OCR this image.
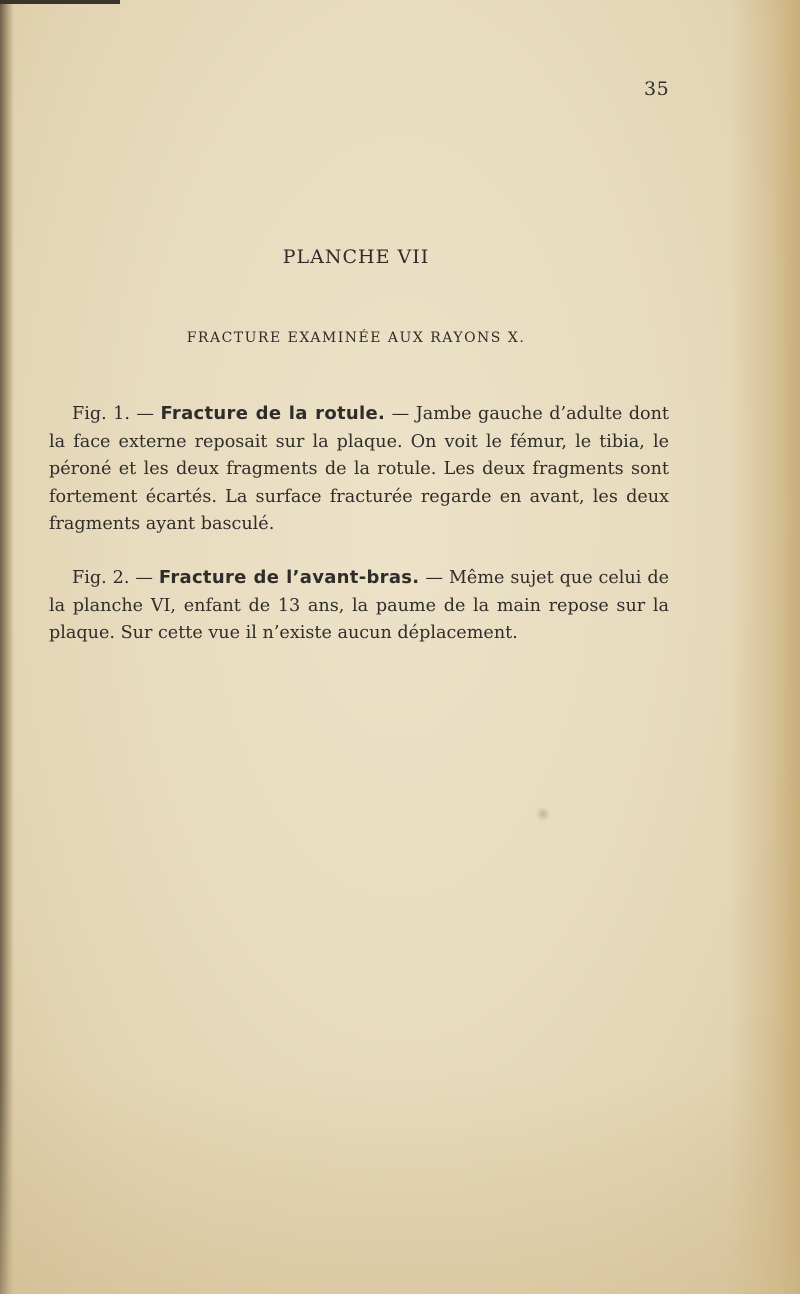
35
PLANCHE VII
FRACTURE EXAMINÉE AUX RAYONS X.

Fig. 1. — Fracture de la rotule. — Jambe gauche d’adulte dont la face externe reposait sur la plaque. On voit le fémur, le tibia, le péroné et les deux fragments de la rotule. Les deux fragments sont fortement écartés. La surface fracturée regarde en avant, les deux fragments ayant basculé.

Fig. 2. — Fracture de l’avant-bras. — Même sujet que celui de la planche VI, enfant de 13 ans, la paume de la main repose sur la plaque. Sur cette vue il n’existe aucun déplacement.
